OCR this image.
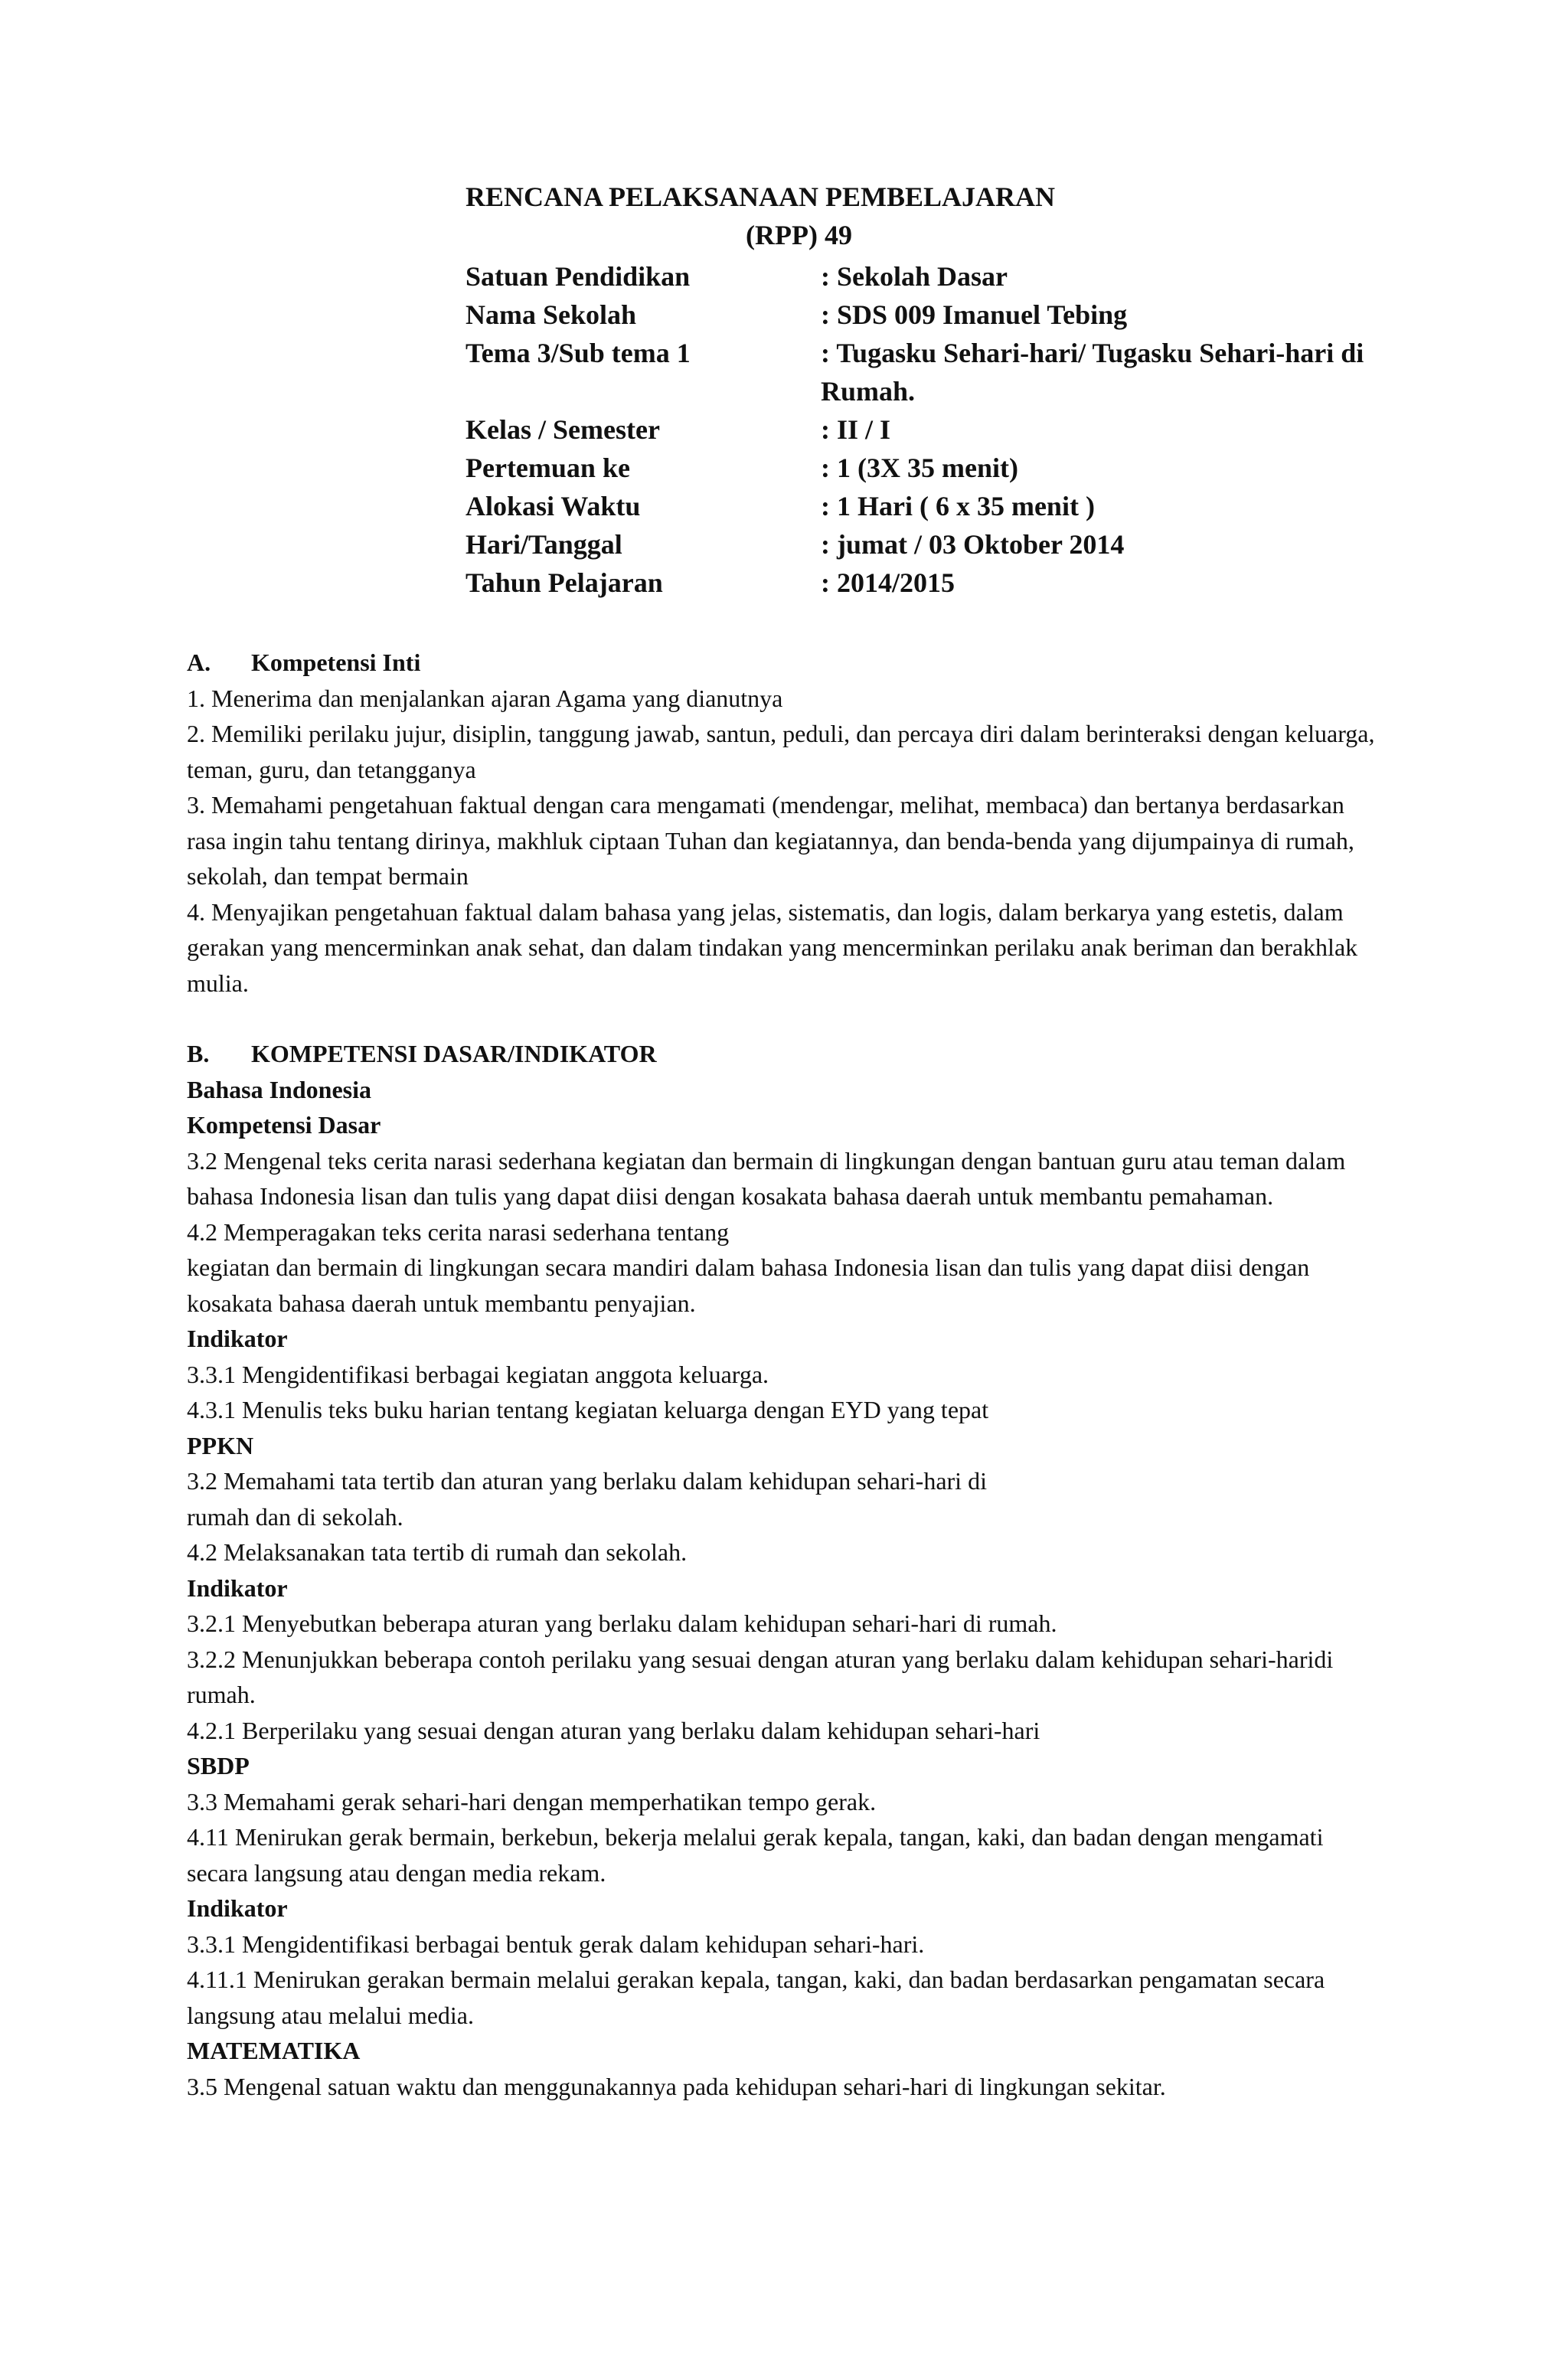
RENCANA PELAKSANAAN PEMBELAJARAN
(RPP) 49
Satuan Pendidikan	: Sekolah Dasar
Nama Sekolah	: SDS 009 Imanuel Tebing
Tema 3/Sub tema 1	: Tugasku Sehari-hari/ Tugasku Sehari-hari di Rumah.
Kelas / Semester	: II / I
Pertemuan ke	: 1 (3X 35 menit)
Alokasi Waktu	: 1 Hari ( 6 x 35 menit )
Hari/Tanggal	: jumat / 03 Oktober 2014
Tahun Pelajaran	: 2014/2015

A. Kompetensi Inti

1. Menerima dan menjalankan ajaran Agama yang dianutnya

2. Memiliki perilaku jujur, disiplin, tanggung jawab, santun, peduli, dan percaya diri dalam berinteraksi dengan keluarga, teman, guru, dan tetangganya

3. Memahami pengetahuan faktual dengan cara mengamati (mendengar, melihat, membaca) dan bertanya berdasarkan rasa ingin tahu tentang dirinya, makhluk ciptaan Tuhan dan kegiatannya, dan benda-benda yang dijumpainya di rumah, sekolah, dan tempat bermain

4. Menyajikan pengetahuan faktual dalam bahasa yang jelas, sistematis, dan logis, dalam berkarya yang estetis, dalam gerakan yang mencerminkan anak sehat, dan dalam tindakan yang mencerminkan perilaku anak beriman dan berakhlak mulia.

B. KOMPETENSI DASAR/INDIKATOR

Bahasa Indonesia

Kompetensi Dasar

3.2 Mengenal teks cerita narasi sederhana kegiatan dan bermain di lingkungan dengan bantuan guru atau teman dalam bahasa Indonesia lisan dan tulis yang dapat diisi dengan kosakata bahasa daerah untuk membantu pemahaman.

4.2 Memperagakan teks cerita narasi sederhana tentang

kegiatan dan bermain di lingkungan secara mandiri dalam bahasa Indonesia lisan dan tulis yang dapat diisi dengan kosakata bahasa daerah untuk membantu penyajian.

Indikator

3.3.1 Mengidentifikasi berbagai kegiatan anggota keluarga.

4.3.1 Menulis teks buku harian tentang kegiatan keluarga dengan EYD yang tepat

PPKN

3.2 Memahami tata tertib dan aturan yang berlaku dalam kehidupan sehari-hari di

rumah dan di sekolah.

4.2 Melaksanakan tata tertib di rumah dan sekolah.

Indikator

3.2.1 Menyebutkan beberapa aturan yang berlaku dalam kehidupan sehari-hari di rumah.

3.2.2 Menunjukkan beberapa contoh perilaku yang sesuai dengan aturan yang berlaku dalam kehidupan sehari-haridi rumah.

4.2.1 Berperilaku yang sesuai dengan aturan yang berlaku dalam kehidupan sehari-hari

SBDP

3.3 Memahami gerak sehari-hari dengan memperhatikan tempo gerak.

4.11 Menirukan gerak bermain, berkebun, bekerja melalui gerak kepala, tangan, kaki, dan badan dengan mengamati secara langsung atau dengan media rekam.

Indikator

3.3.1 Mengidentifikasi berbagai bentuk gerak dalam kehidupan sehari-hari.

4.11.1 Menirukan gerakan bermain melalui gerakan kepala, tangan, kaki, dan badan berdasarkan pengamatan secara langsung atau melalui media.

MATEMATIKA

3.5 Mengenal satuan waktu dan menggunakannya pada kehidupan sehari-hari di lingkungan sekitar.
